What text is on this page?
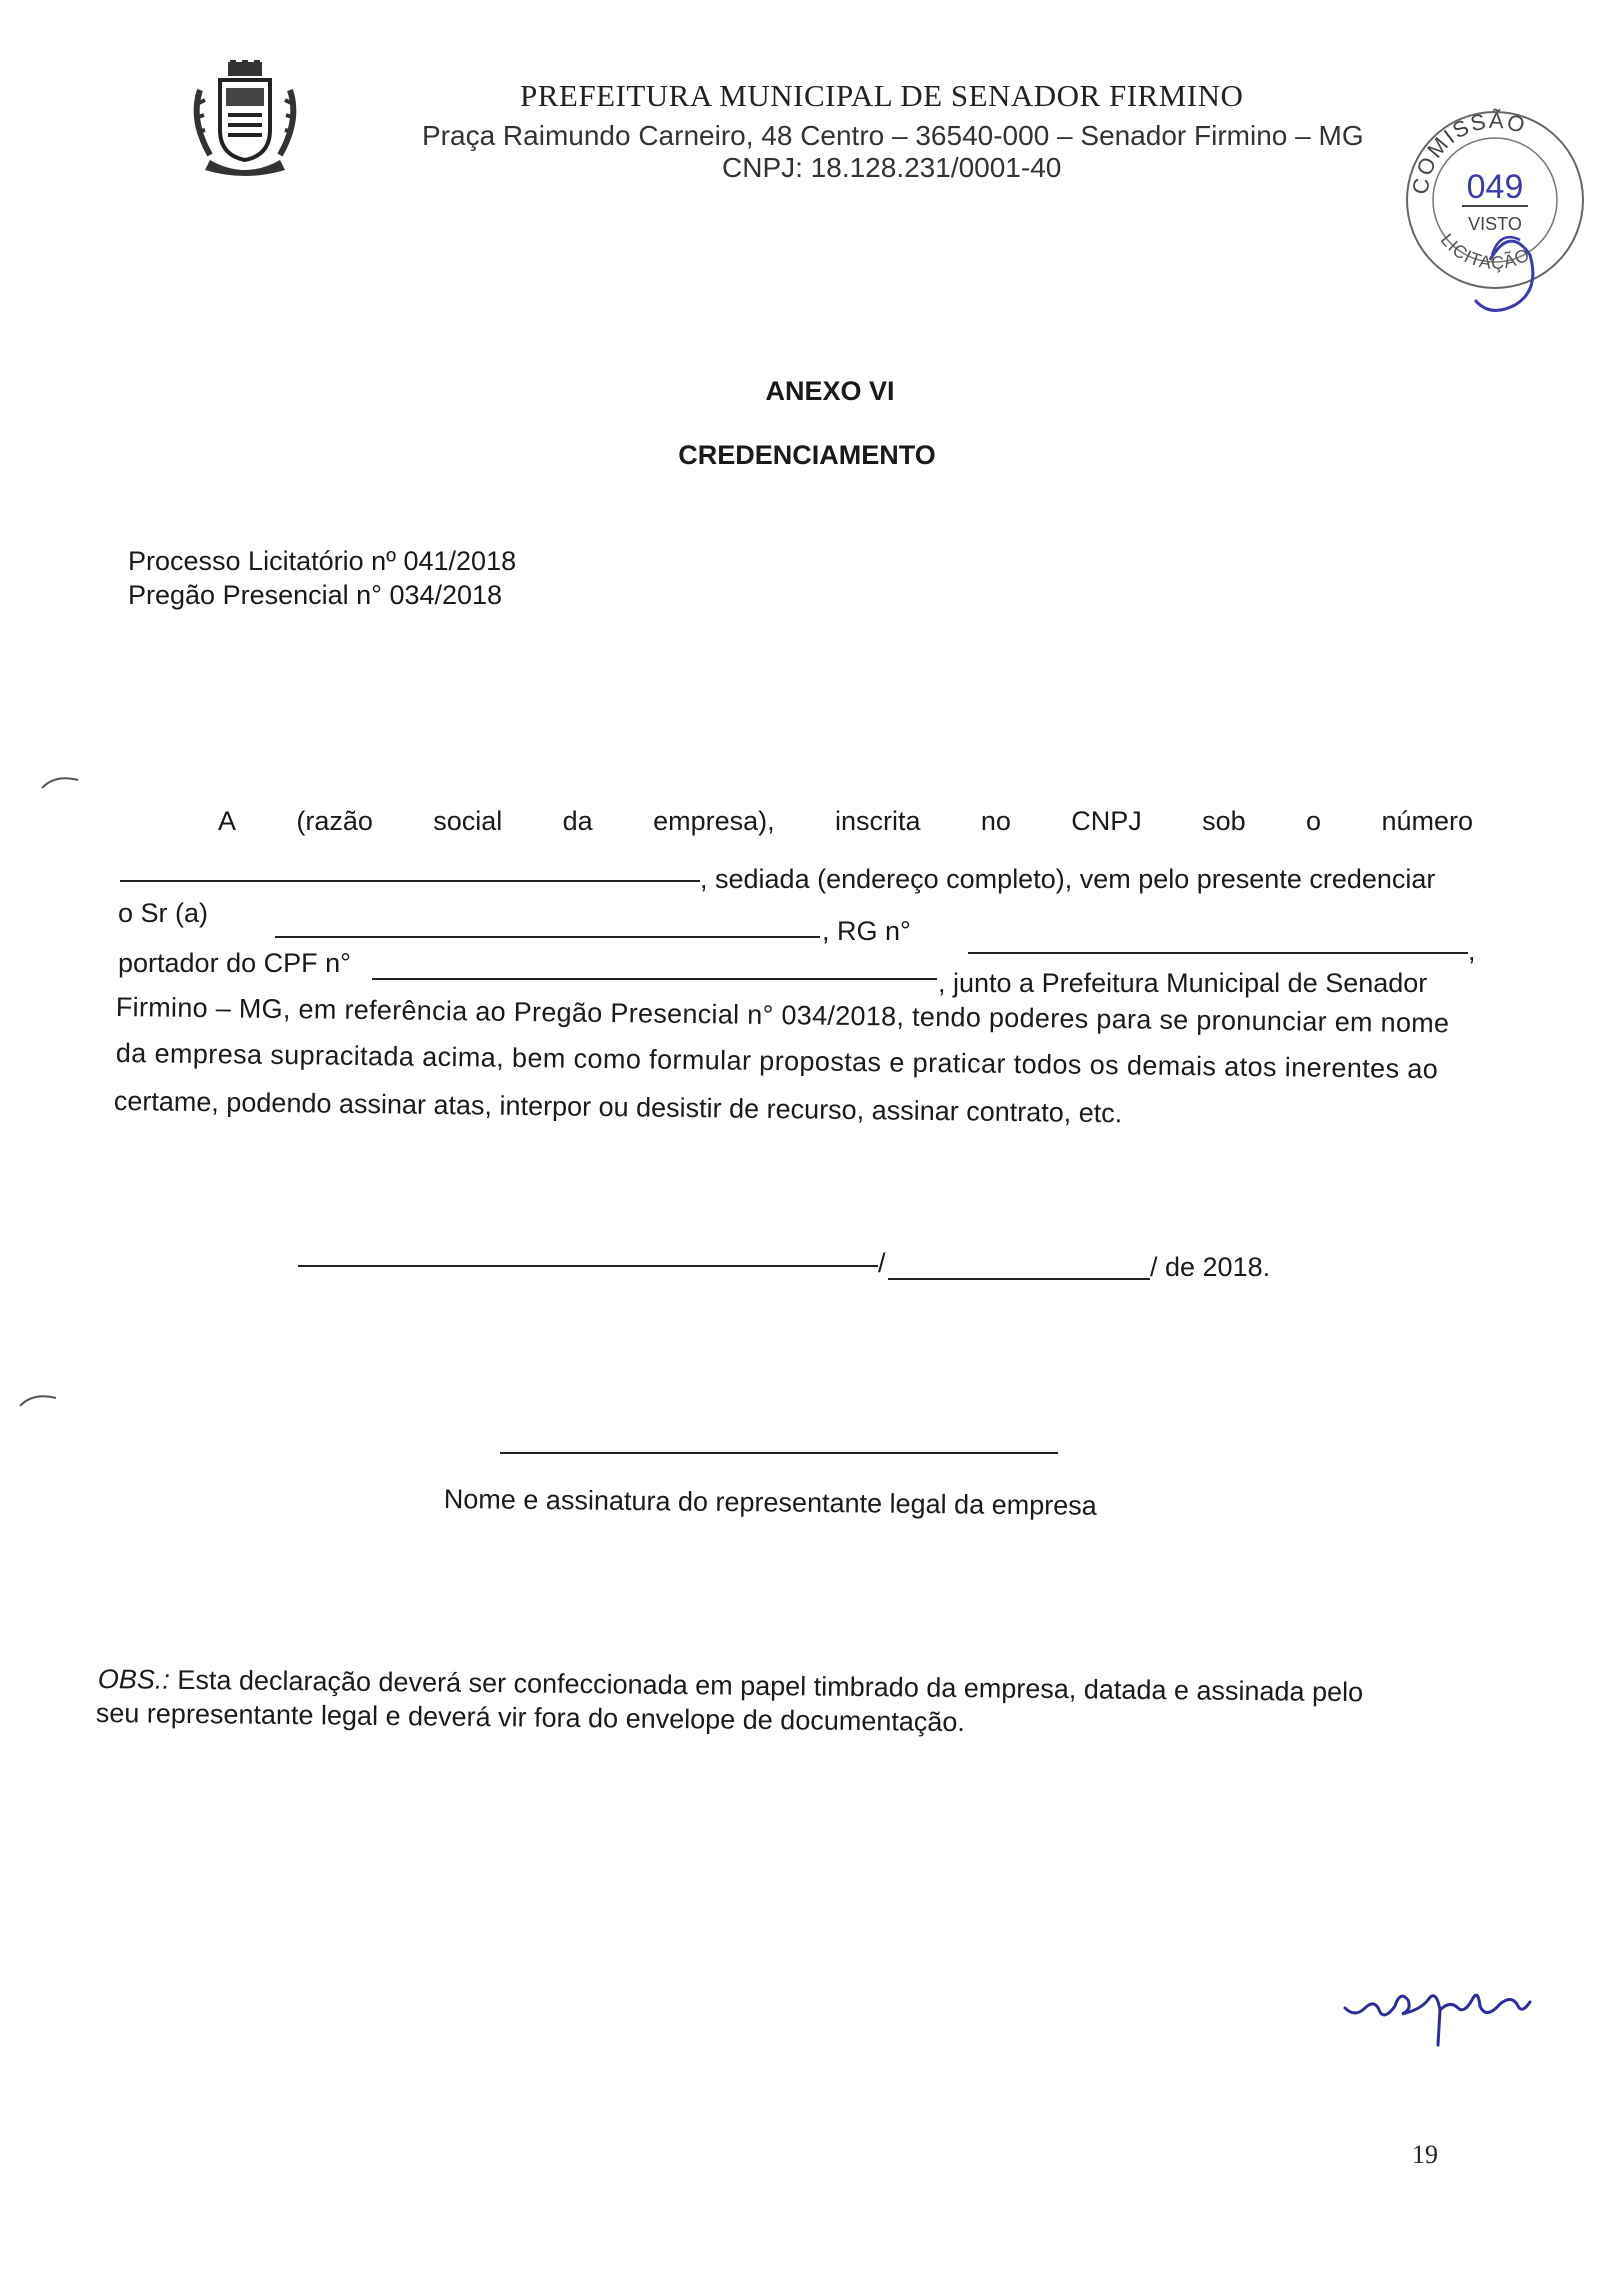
PREFEITURA MUNICIPAL DE SENADOR FIRMINO
Praça Raimundo Carneiro, 48 Centro – 36540-000 – Senador Firmino – MG
CNPJ: 18.128.231/0001-40
COMISSÃO
LICITAÇÃO
049
VISTO
ANEXO VI
CREDENCIAMENTO
Processo Licitatório nº 041/2018
Pregão Presencial n° 034/2018
A (razão social da empresa), inscrita no CNPJ sob o número
, sediada (endereço completo), vem pelo presente credenciar
o Sr (a)
, RG n°
,
portador do CPF n°
, junto a Prefeitura Municipal de Senador
Firmino – MG, em referência ao Pregão Presencial n° 034/2018, tendo poderes para se pronunciar em nome
da empresa supracitada acima, bem como formular propostas e praticar todos os demais atos inerentes ao
certame, podendo assinar atas, interpor ou desistir de recurso, assinar contrato, etc.
/	/ de 2018.
Nome e assinatura do representante legal da empresa
OBS.: Esta declaração deverá ser confeccionada em papel timbrado da empresa, datada e assinada pelo
seu representante legal e deverá vir fora do envelope de documentação.
19
